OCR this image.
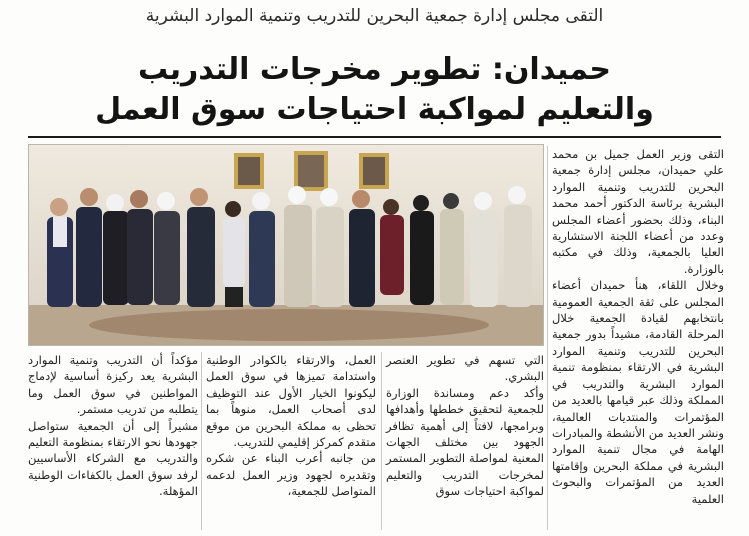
التقى مجلس إدارة جمعية البحرين للتدريب وتنمية الموارد البشرية
حميدان: تطوير مخرجات التدريب
والتعليم لمواكبة احتياجات سوق العمل

التقى وزير العمل جميل بن محمد علي حميدان، مجلس إدارة جمعية البحرين للتدريب وتنمية الموارد البشرية برئاسة الدكتور أحمد محمد البناء، وذلك بحضور أعضاء المجلس وعدد من أعضاء اللجنة الاستشارية العليا بالجمعية، وذلك في مكتبه بالوزارة.

وخلال اللقاء، هنأ حميدان أعضاء المجلس على ثقة الجمعية العمومية بانتخابهم لقيادة الجمعية خلال المرحلة القادمة، مشيداً بدور جمعية البحرين للتدريب وتنمية الموارد البشرية في الارتقاء بمنظومة تنمية الموارد البشرية والتدريب في المملكة وذلك عبر قيامها بالعديد من المؤتمرات والمنتديات العالمية، ونشر العديد من الأنشطة والمبادرات الهامة في مجال تنمية الموارد البشرية في مملكة البحرين وإقامتها العديد من المؤتمرات والبحوث العلمية

التي تسهم في تطوير العنصر البشري.

وأكد دعم ومساندة الوزارة للجمعية لتحقيق خططها وأهدافها وبرامجها، لافتاً إلى أهمية تظافر الجهود بين مختلف الجهات المعنية لمواصلة التطوير المستمر لمخرجات التدريب والتعليم لمواكبة احتياجات سوق

العمل، والارتقاء بالكوادر الوطنية واستدامة تميزها في سوق العمل ليكونوا الخيار الأول عند التوظيف لدى أصحاب العمل، منوهاً بما تحظى به مملكة البحرين من موقع متقدم كمركز إقليمي للتدريب.

من جانبه أعرب البناء عن شكره وتقديره لجهود وزير العمل لدعمه المتواصل للجمعية،

مؤكداً أن التدريب وتنمية الموارد البشرية يعد ركيزة أساسية لإدماج المواطنين في سوق العمل وما يتطلبه من تدريب مستمر.

مشيراً إلى أن الجمعية ستواصل جهودها نحو الارتقاء بمنظومة التعليم والتدريب مع الشركاء الأساسيين لرفد سوق العمل بالكفاءات الوطنية المؤهلة.
